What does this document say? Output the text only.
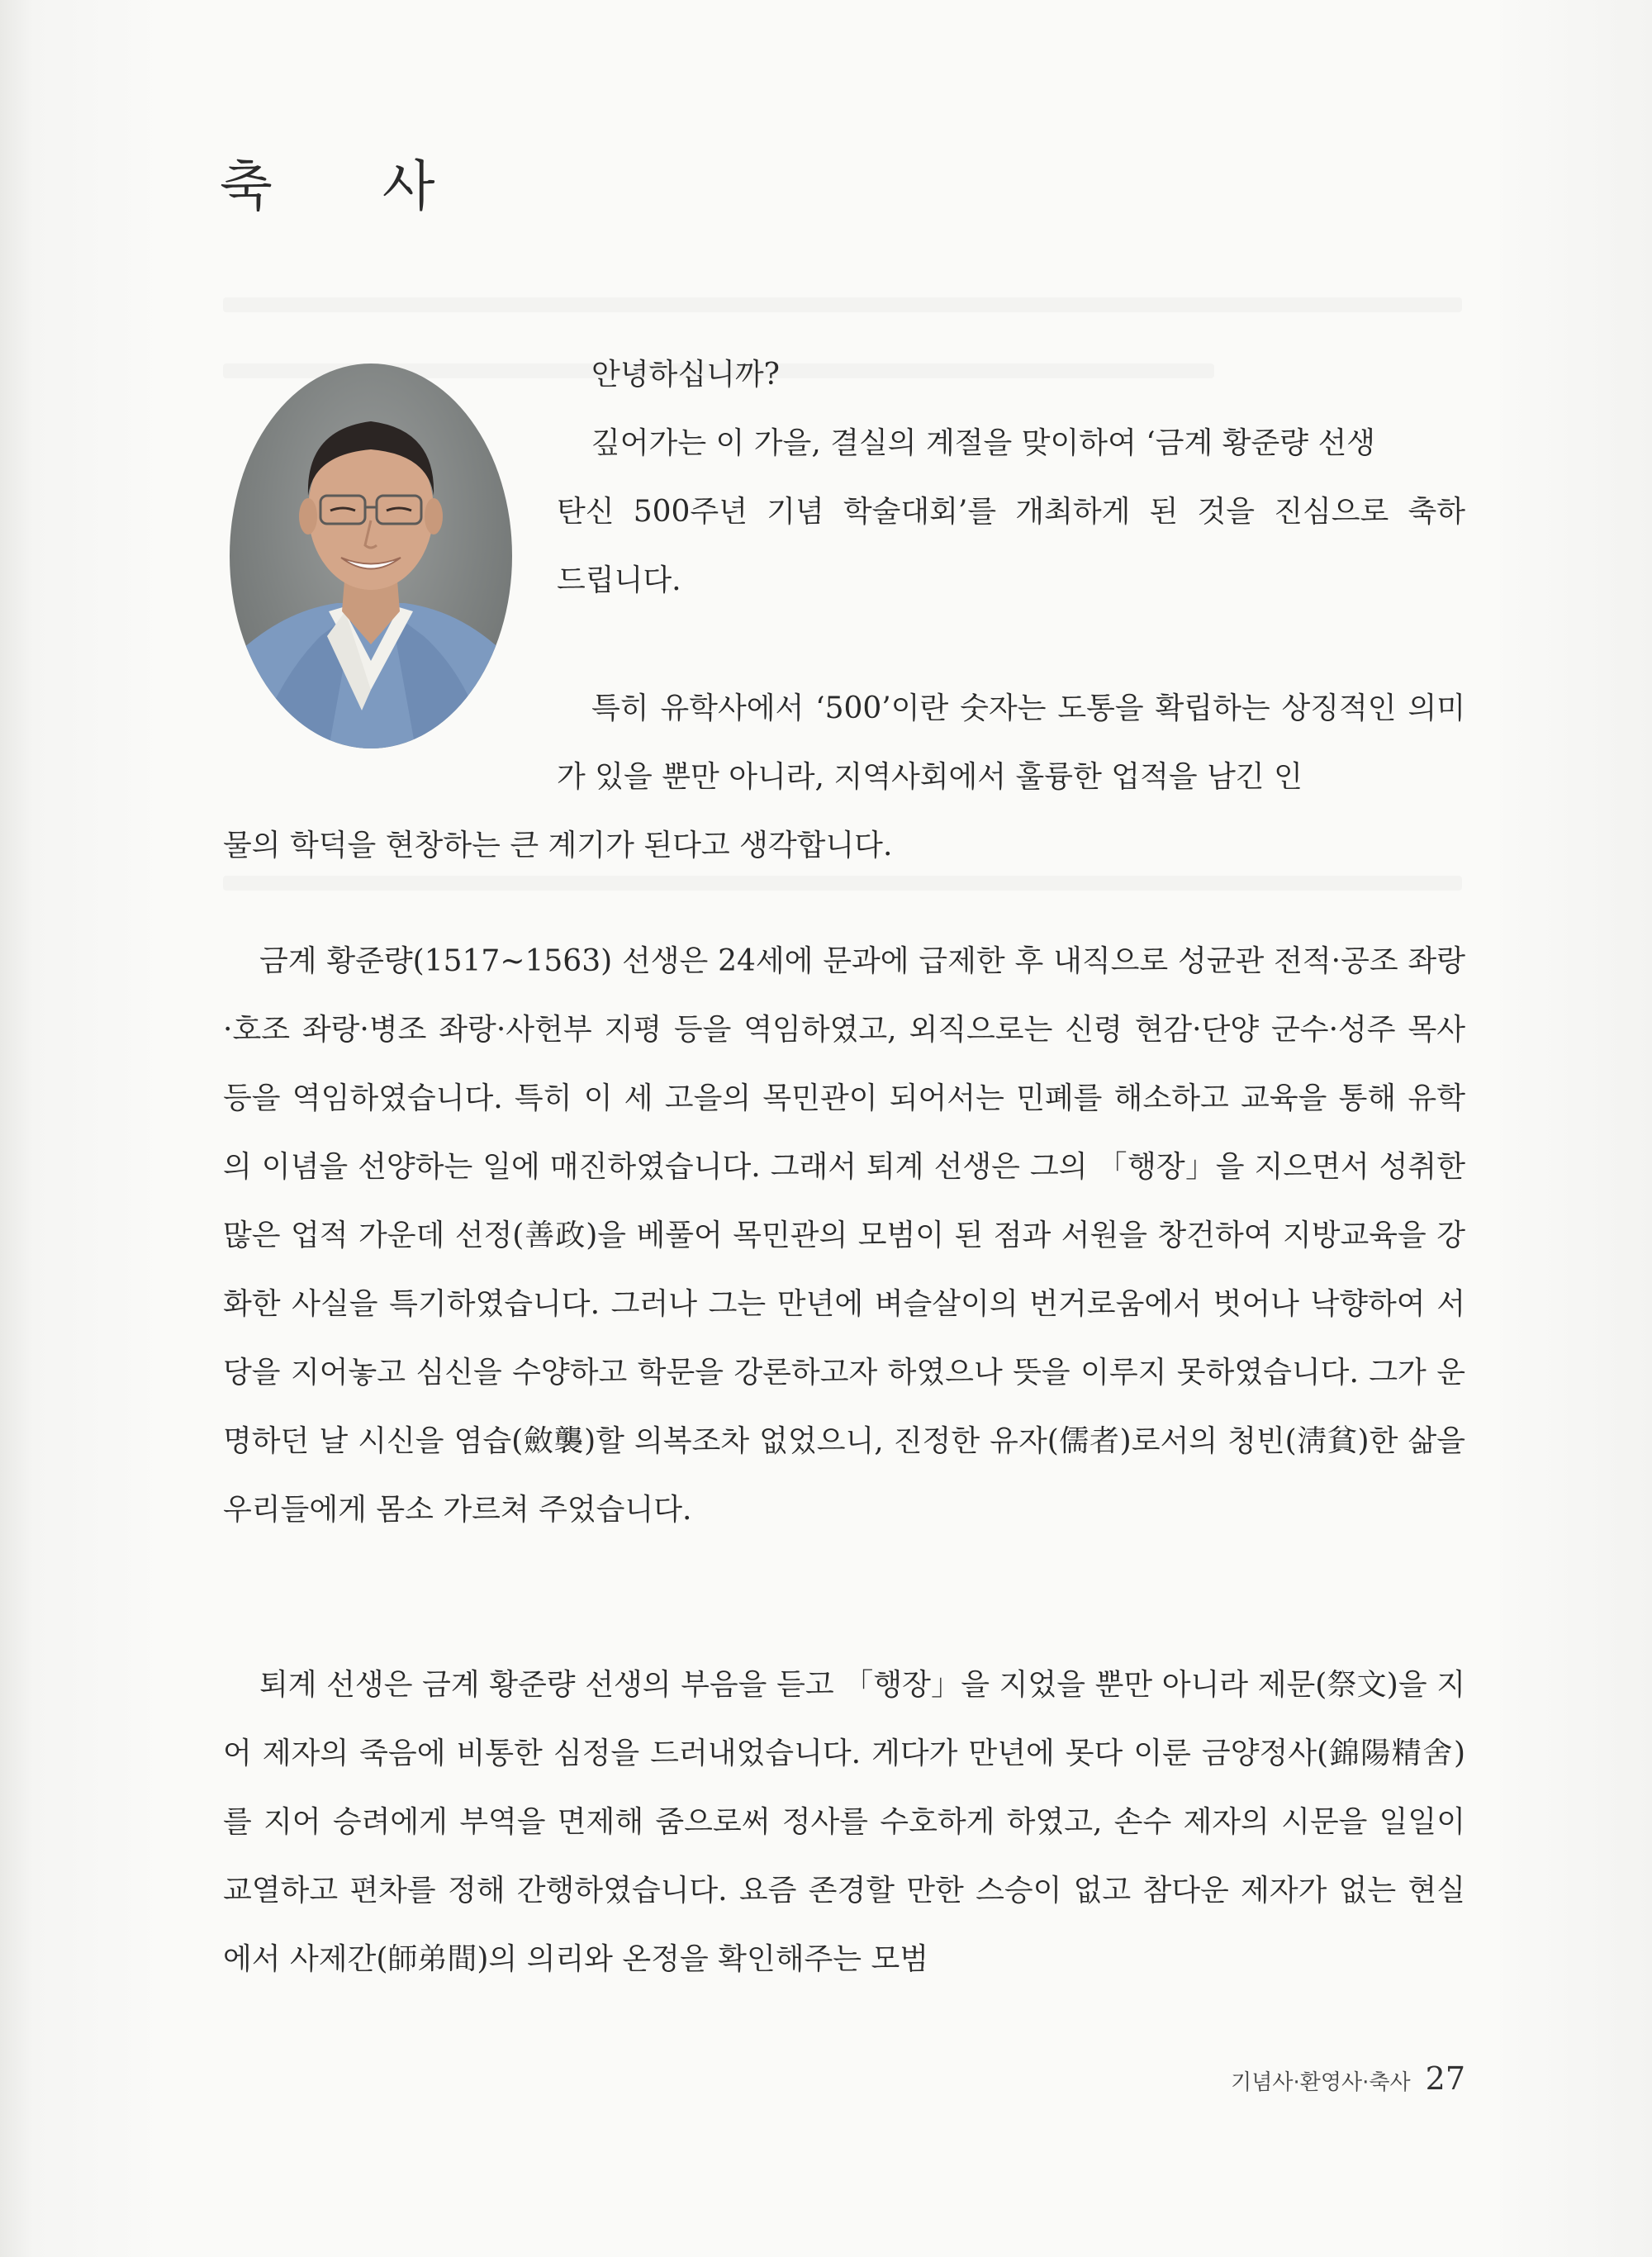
축 사
안녕하십니까?
깊어가는 이 가을, 결실의 계절을 맞이하여 ‘금계 황준량 선생
탄신 500주년 기념 학술대회’를 개최하게 된 것을 진심으로 축하
드립니다.

특히 유학사에서 ‘500’이란 숫자는 도통을 확립하는 상징적인 의미가 있을 뿐만 아니라, 지역사회에서 훌륭한 업적을 남긴 인

물의 학덕을 현창하는 큰 계기가 된다고 생각합니다.

금계 황준량(1517~1563) 선생은 24세에 문과에 급제한 후 내직으로 성균관 전적·공조 좌랑·호조 좌랑·병조 좌랑·사헌부 지평 등을 역임하였고, 외직으로는 신령 현감·단양 군수·성주 목사 등을 역임하였습니다. 특히 이 세 고을의 목민관이 되어서는 민폐를 해소하고 교육을 통해 유학의 이념을 선양하는 일에 매진하였습니다. 그래서 퇴계 선생은 그의 「행장」을 지으면서 성취한 많은 업적 가운데 선정(善政)을 베풀어 목민관의 모범이 된 점과 서원을 창건하여 지방교육을 강화한 사실을 특기하였습니다. 그러나 그는 만년에 벼슬살이의 번거로움에서 벗어나 낙향하여 서당을 지어놓고 심신을 수양하고 학문을 강론하고자 하였으나 뜻을 이루지 못하였습니다. 그가 운명하던 날 시신을 염습(斂襲)할 의복조차 없었으니, 진정한 유자(儒者)로서의 청빈(淸貧)한 삶을 우리들에게 몸소 가르쳐 주었습니다.

퇴계 선생은 금계 황준량 선생의 부음을 듣고 「행장」을 지었을 뿐만 아니라 제문(祭文)을 지어 제자의 죽음에 비통한 심정을 드러내었습니다. 게다가 만년에 못다 이룬 금양정사(錦陽精舍)를 지어 승려에게 부역을 면제해 줌으로써 정사를 수호하게 하였고, 손수 제자의 시문을 일일이 교열하고 편차를 정해 간행하였습니다. 요즘 존경할 만한 스승이 없고 참다운 제자가 없는 현실에서 사제간(師弟間)의 의리와 온정을 확인해주는 모범

기념사·환영사·축사 27
